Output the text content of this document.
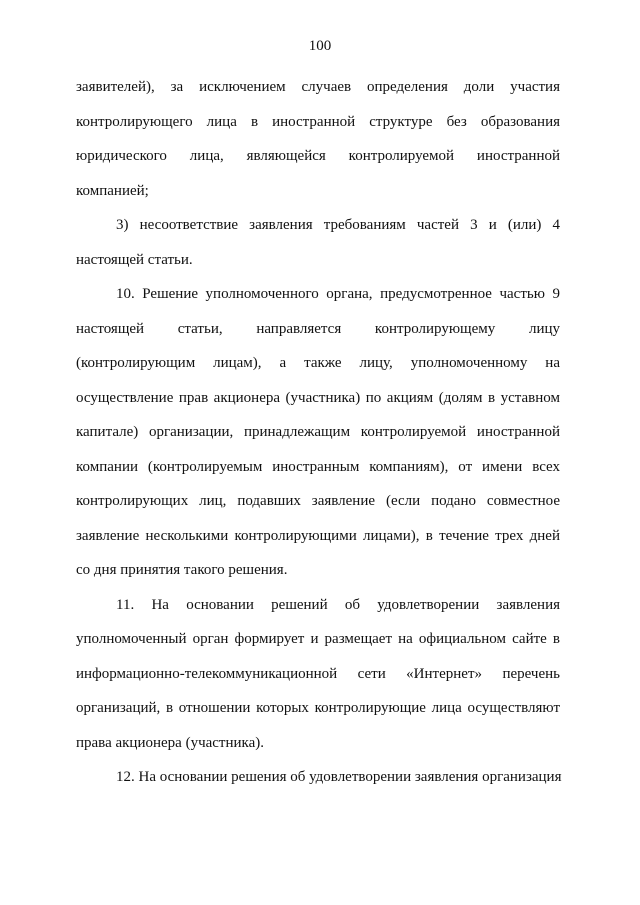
100
заявителей), за исключением случаев определения доли участия
контролирующего лица в иностранной структуре без образования
юридического лица, являющейся контролируемой иностранной
компанией;
3) несоответствие заявления требованиям частей 3 и (или) 4
настоящей статьи.
10. Решение уполномоченного органа, предусмотренное частью 9
настоящей статьи, направляется контролирующему лицу
(контролирующим лицам), а также лицу, уполномоченному на
осуществление прав акционера (участника) по акциям (долям в уставном
капитале) организации, принадлежащим контролируемой иностранной
компании (контролируемым иностранным компаниям), от имени всех
контролирующих лиц, подавших заявление (если подано совместное
заявление несколькими контролирующими лицами), в течение трех дней
со дня принятия такого решения.
11. На основании решений об удовлетворении заявления
уполномоченный орган формирует и размещает на официальном сайте в
информационно-телекоммуникационной сети «Интернет» перечень
организаций, в отношении которых контролирующие лица осуществляют
права акционера (участника).
12. На основании решения об удовлетворении заявления организация
